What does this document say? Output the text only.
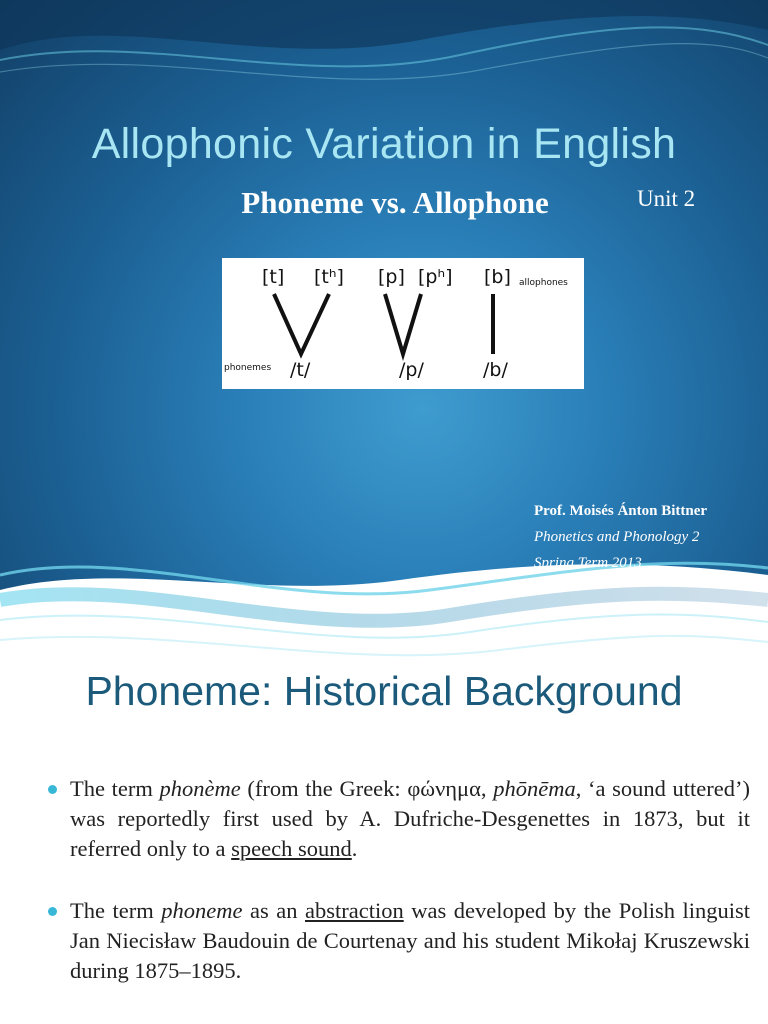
Allophonic Variation in English
Phoneme vs. Allophone	Unit 2
[t] [tʰ] [p] [pʰ] [b] allophones
phonemes /t/	/p/	/b/
Prof. Moisés Ánton Bittner
Phonetics and Phonology 2
Spring Term 2013
Phoneme: Historical Background
The term phonème (from the Greek: φώνημα, phōnēma, ‘a sound uttered’) was reportedly first used by A. Dufriche-Desgenettes in 1873, but it referred only to a speech sound.
The term phoneme as an abstraction was developed by the Polish linguist Jan Niecisław Baudouin de Courtenay and his student Mikołaj Kruszewski during 1875–1895.
